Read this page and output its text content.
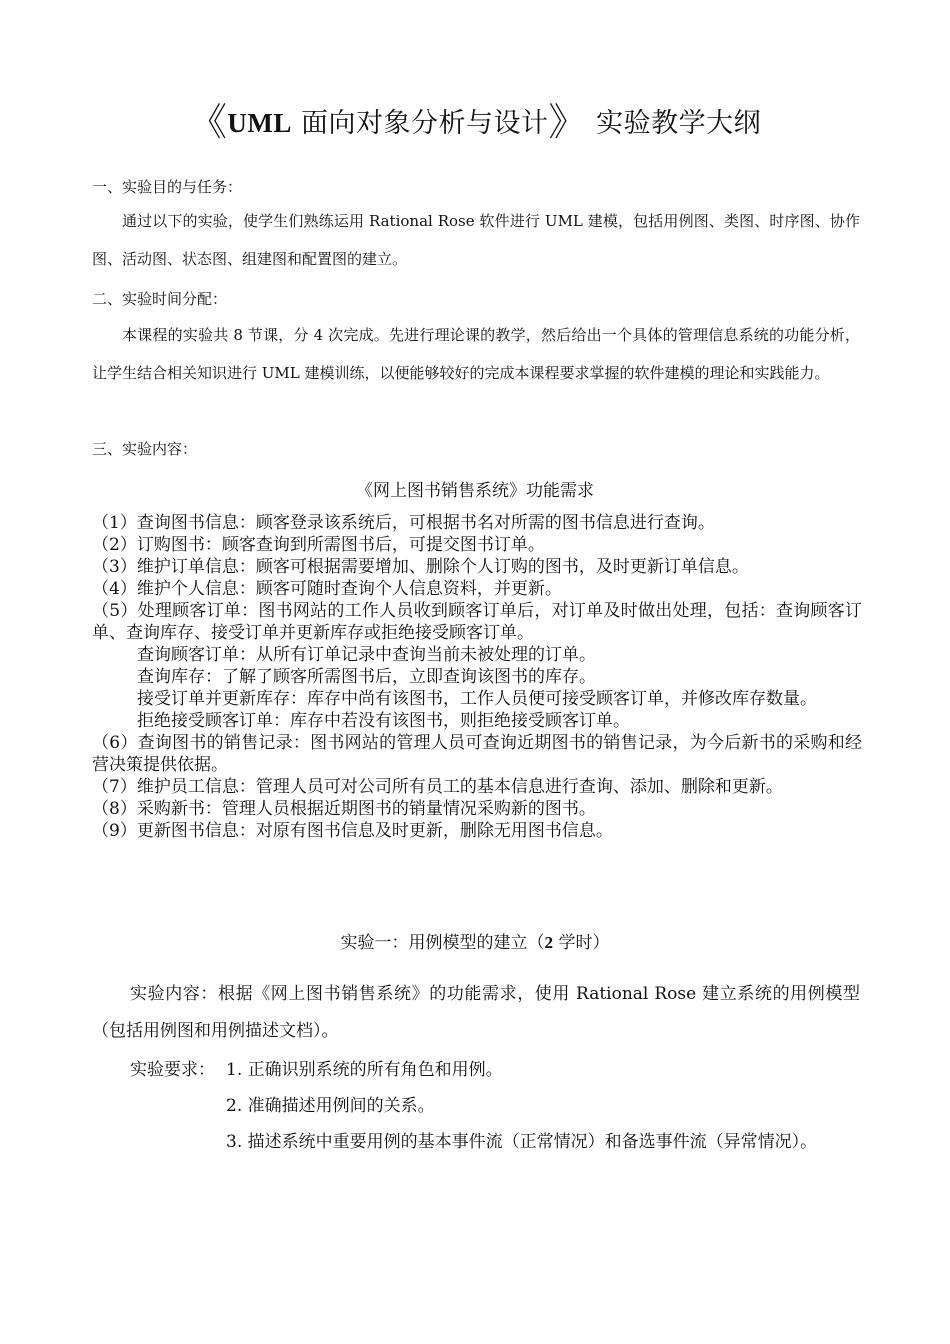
《UML 面向对象分析与设计》 实验教学大纲
一、实验目的与任务：
通过以下的实验，使学生们熟练运用 Rational Rose 软件进行 UML 建模，包括用例图、类图、时序图、协作图、活动图、状态图、组建图和配置图的建立。
二、实验时间分配：
本课程的实验共 8 节课，分 4 次完成。先进行理论课的教学，然后给出一个具体的管理信息系统的功能分析，让学生结合相关知识进行 UML 建模训练，以便能够较好的完成本课程要求掌握的软件建模的理论和实践能力。
三、实验内容：
《网上图书销售系统》功能需求
（1）查询图书信息：顾客登录该系统后，可根据书名对所需的图书信息进行查询。
（2）订购图书：顾客查询到所需图书后，可提交图书订单。
（3）维护订单信息：顾客可根据需要增加、删除个人订购的图书，及时更新订单信息。
（4）维护个人信息：顾客可随时查询个人信息资料，并更新。
（5）处理顾客订单：图书网站的工作人员收到顾客订单后，对订单及时做出处理，包括：查询顾客订单、查询库存、接受订单并更新库存或拒绝接受顾客订单。
查询顾客订单：从所有订单记录中查询当前未被处理的订单。
查询库存：了解了顾客所需图书后，立即查询该图书的库存。
接受订单并更新库存：库存中尚有该图书，工作人员便可接受顾客订单，并修改库存数量。
拒绝接受顾客订单：库存中若没有该图书，则拒绝接受顾客订单。
（6）查询图书的销售记录：图书网站的管理人员可查询近期图书的销售记录，为今后新书的采购和经营决策提供依据。
（7）维护员工信息：管理人员可对公司所有员工的基本信息进行查询、添加、删除和更新。
（8）采购新书：管理人员根据近期图书的销量情况采购新的图书。
（9）更新图书信息：对原有图书信息及时更新，删除无用图书信息。
实验一：用例模型的建立（2 学时）
实验内容：根据《网上图书销售系统》的功能需求，使用 Rational Rose 建立系统的用例模型（包括用例图和用例描述文档）。
实验要求： 1. 正确识别系统的所有角色和用例。
2. 准确描述用例间的关系。
3. 描述系统中重要用例的基本事件流（正常情况）和备选事件流（异常情况）。
